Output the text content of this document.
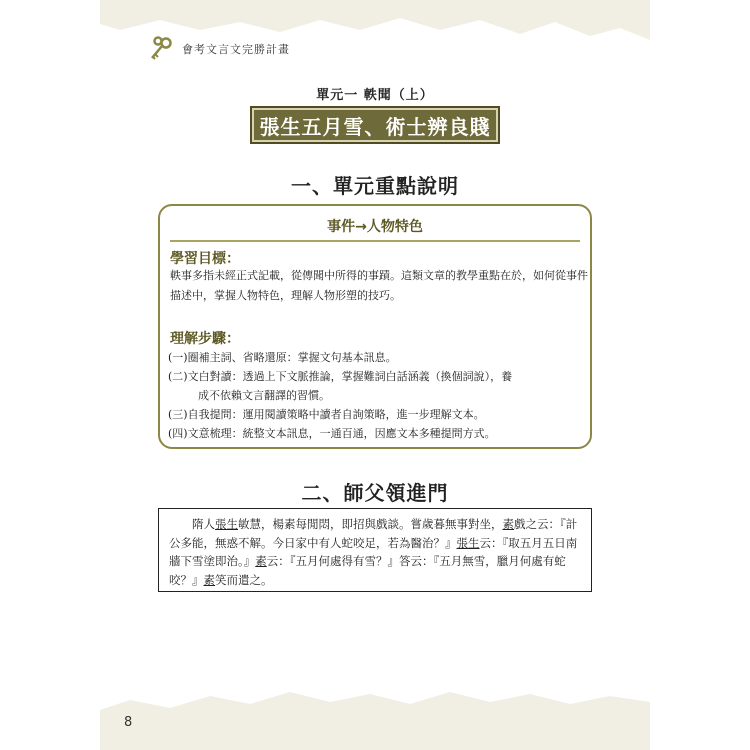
會考文言文完勝計畫
單元一 軼聞（上）
張生五月雪、術士辨良賤
一、單元重點說明
事件→人物特色
學習目標：
軼事多指未經正式記載，從傳聞中所得的事蹟。這類文章的教學重點在於，如何從事件描述中，掌握人物特色，理解人物形塑的技巧。
理解步驟：
(一)圈補主詞、省略還原：掌握文句基本訊息。
(二)文白對讀：透過上下文脈推論，掌握難詞白話涵義（換個詞說），養
成不依賴文言翻譯的習慣。
(三)自我提問：運用閱讀策略中讀者自詢策略，進一步理解文本。
(四)文意梳理：統整文本訊息，一通百通，因應文本多種提問方式。
二、師父領進門
  隋人張生敏慧，楊素每閒悶，即招與戲談。嘗歲暮無事對坐，素戲之云：『計公多能，無惑不解。今日家中有人蛇咬足，若為醫治？』張生云：『取五月五日南牆下雪塗即治。』素云：『五月何處得有雪？』答云：『五月無雪，臘月何處有蛇咬？』素笑而遣之。
8
